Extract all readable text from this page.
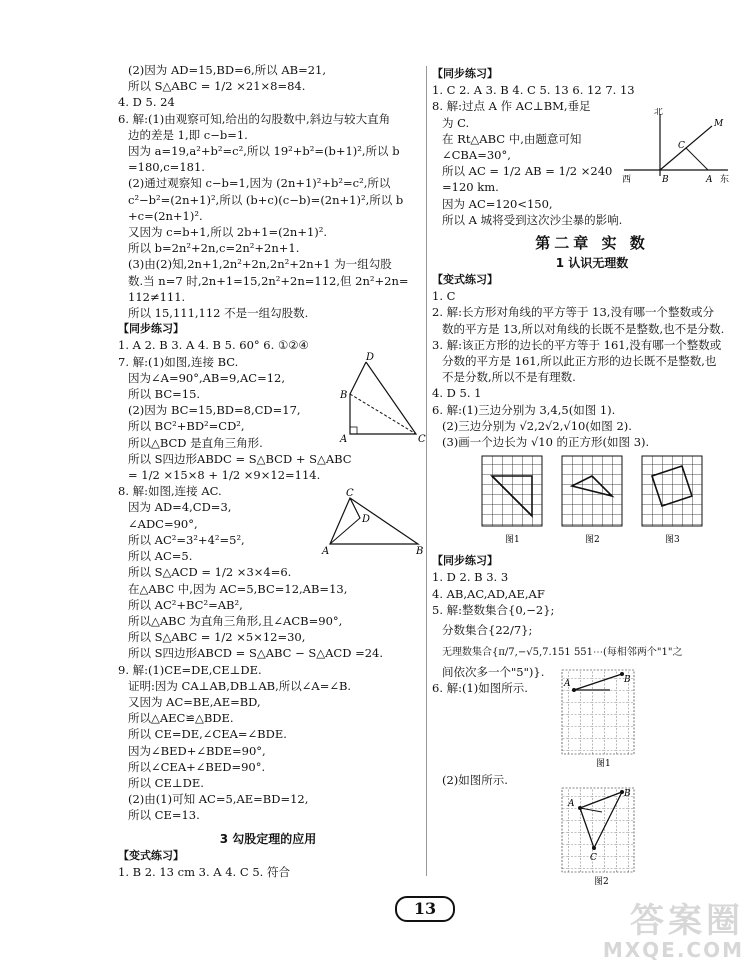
(2)因为 AD=15,BD=6,所以 AB=21,
所以 S△ABC = 1/2 ×21×8=84.
4. D 5. 24
6. 解:(1)由观察可知,给出的勾股数中,斜边与较大直角
边的差是 1,即 c−b=1.
因为 a=19,a²+b²=c²,所以 19²+b²=(b+1)²,所以 b
=180,c=181.
(2)通过观察知 c−b=1,因为 (2n+1)²+b²=c²,所以
c²−b²=(2n+1)²,所以 (b+c)(c−b)=(2n+1)²,所以 b
+c=(2n+1)².
又因为 c=b+1,所以 2b+1=(2n+1)².
所以 b=2n²+2n,c=2n²+2n+1.
(3)由(2)知,2n+1,2n²+2n,2n²+2n+1 为一组勾股
数.当 n=7 时,2n+1=15,2n²+2n=112,但 2n²+2n=
112≠111.
所以 15,111,112 不是一组勾股数.
【同步练习】
1. A 2. B 3. A 4. B 5. 60° 6. ①②④
7. 解:(1)如图,连接 BC.
因为∠A=90°,AB=9,AC=12,
所以 BC=15.
(2)因为 BC=15,BD=8,CD=17,
所以 BC²+BD²=CD²,
所以△BCD 是直角三角形.
所以 S四边形ABDC = S△BCD + S△ABC
= 1/2 ×15×8 + 1/2 ×9×12=114.
8. 解:如图,连接 AC.
因为 AD=4,CD=3,
∠ADC=90°,
所以 AC²=3²+4²=5²,
所以 AC=5.
所以 S△ACD = 1/2 ×3×4=6.
在△ABC 中,因为 AC=5,BC=12,AB=13,
所以 AC²+BC²=AB²,
所以△ABC 为直角三角形,且∠ACB=90°,
所以 S△ABC = 1/2 ×5×12=30,
所以 S四边形ABCD = S△ABC − S△ACD =24.
9. 解:(1)CE=DE,CE⊥DE.
证明:因为 CA⊥AB,DB⊥AB,所以∠A=∠B.
又因为 AC=BE,AE=BD,
所以△AEC≌△BDE.
所以 CE=DE,∠CEA=∠BDE.
因为∠BED+∠BDE=90°,
所以∠CEA+∠BED=90°.
所以 CE⊥DE.
(2)由(1)可知 AC=5,AE=BD=12,
所以 CE=13.
3 勾股定理的应用
【变式练习】
1. B 2. 13 cm 3. A 4. C 5. 符合
D
B
A	C
C
D
A	B
【同步练习】
1. C 2. A 3. B 4. C 5. 13 6. 12 7. 13
8. 解:过点 A 作 AC⊥BM,垂足
为 C.
在 Rt△ABC 中,由题意可知
∠CBA=30°,
所以 AC = 1/2 AB = 1/2 ×240
=120 km.
因为 AC=120<150,
所以 A 城将受到这次沙尘暴的影响.
第二章 实 数
1 认识无理数
【变式练习】
1. C
2. 解:长方形对角线的平方等于 13,没有哪一个整数或分
数的平方是 13,所以对角线的长既不是整数,也不是分数.
3. 解:该正方形的边长的平方等于 161,没有哪一个整数或
分数的平方是 161,所以此正方形的边长既不是整数,也
不是分数,所以不是有理数.
4. D 5. 1
6. 解:(1)三边分别为 3,4,5(如图 1).
(2)三边分别为 √2,2√2,√10(如图 2).
(3)画一个边长为 √10 的正方形(如图 3).
图1	图2	图3
【同步练习】
1. D 2. B 3. 3
4. AB,AC,AD,AE,AF
5. 解:整数集合{0,−2};
分数集合{22/7};
无理数集合{π/7,−√5,7.151 551⋯(每相邻两个"1"之
间依次多一个"5")}.
6. 解:(1)如图所示.
北
西	东
M
C
B	A
A	B
图1
(2)如图所示.
A
B
C
图2
13	答案圈
MXQE.COM
